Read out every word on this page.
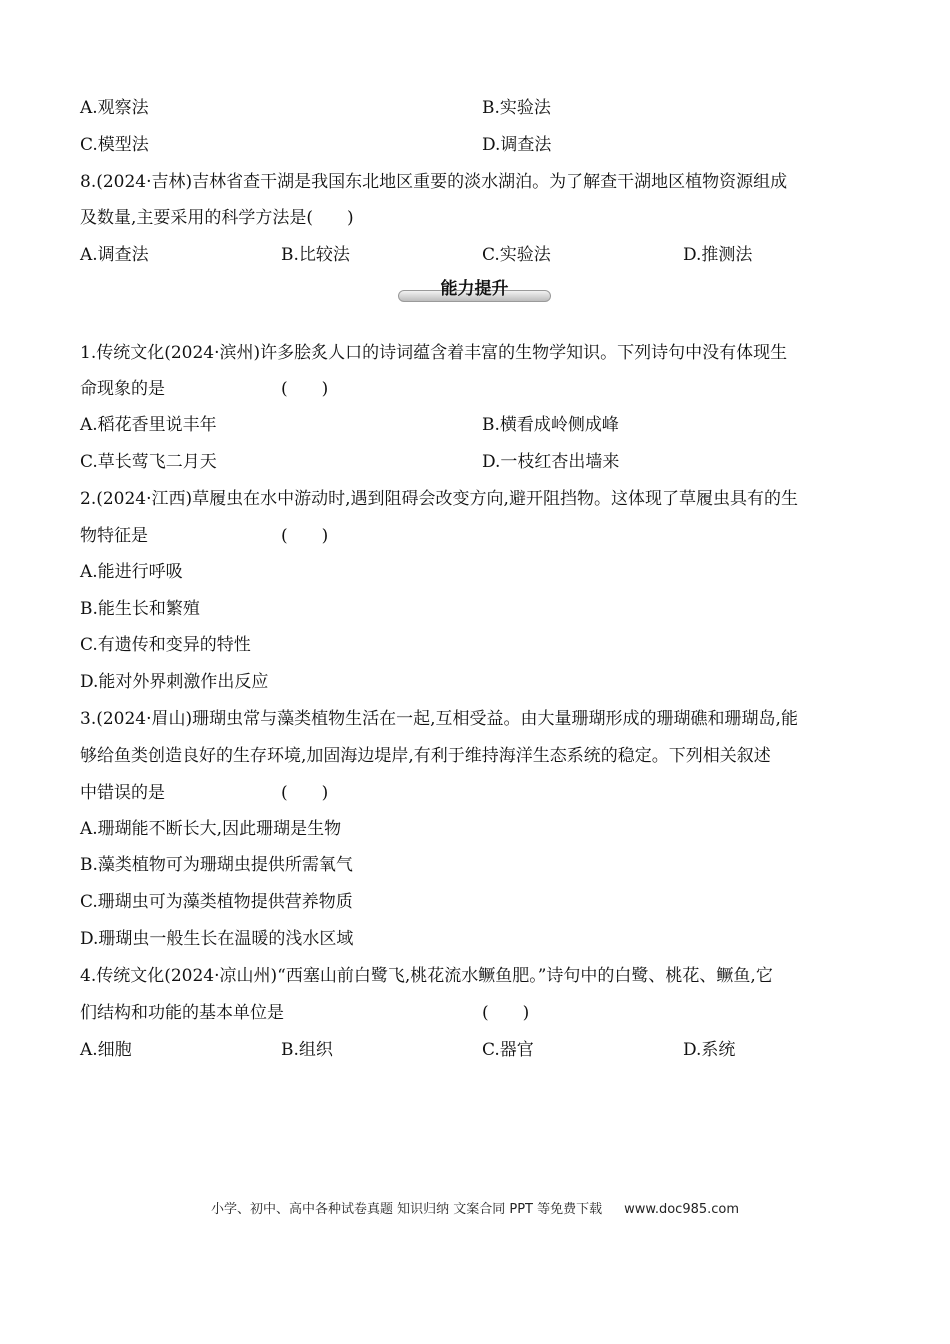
A.观察法	B.实验法
C.模型法	D.调查法
8.(2024·吉林)吉林省查干湖是我国东北地区重要的淡水湖泊。为了解查干湖地区植物资源组成
及数量,主要采用的科学方法是(　　)
A.调查法	B.比较法	C.实验法	D.推测法
能力提升
1.传统文化(2024·滨州)许多脍炙人口的诗词蕴含着丰富的生物学知识。下列诗句中没有体现生
命现象的是	(　　)
A.稻花香里说丰年	B.横看成岭侧成峰
C.草长莺飞二月天	D.一枝红杏出墙来
2.(2024·江西)草履虫在水中游动时,遇到阻碍会改变方向,避开阻挡物。这体现了草履虫具有的生
物特征是	(　　)
A.能进行呼吸
B.能生长和繁殖
C.有遗传和变异的特性
D.能对外界刺激作出反应
3.(2024·眉山)珊瑚虫常与藻类植物生活在一起,互相受益。由大量珊瑚形成的珊瑚礁和珊瑚岛,能
够给鱼类创造良好的生存环境,加固海边堤岸,有利于维持海洋生态系统的稳定。下列相关叙述
中错误的是	(　　)
A.珊瑚能不断长大,因此珊瑚是生物
B.藻类植物可为珊瑚虫提供所需氧气
C.珊瑚虫可为藻类植物提供营养物质
D.珊瑚虫一般生长在温暖的浅水区域
4.传统文化(2024·凉山州)“西塞山前白鹭飞,桃花流水鳜鱼肥。”诗句中的白鹭、桃花、鳜鱼,它
们结构和功能的基本单位是	(　　)
A.细胞	B.组织	C.器官	D.系统
小学、初中、高中各种试卷真题 知识归纳 文案合同 PPT 等免费下载 www.doc985.com
